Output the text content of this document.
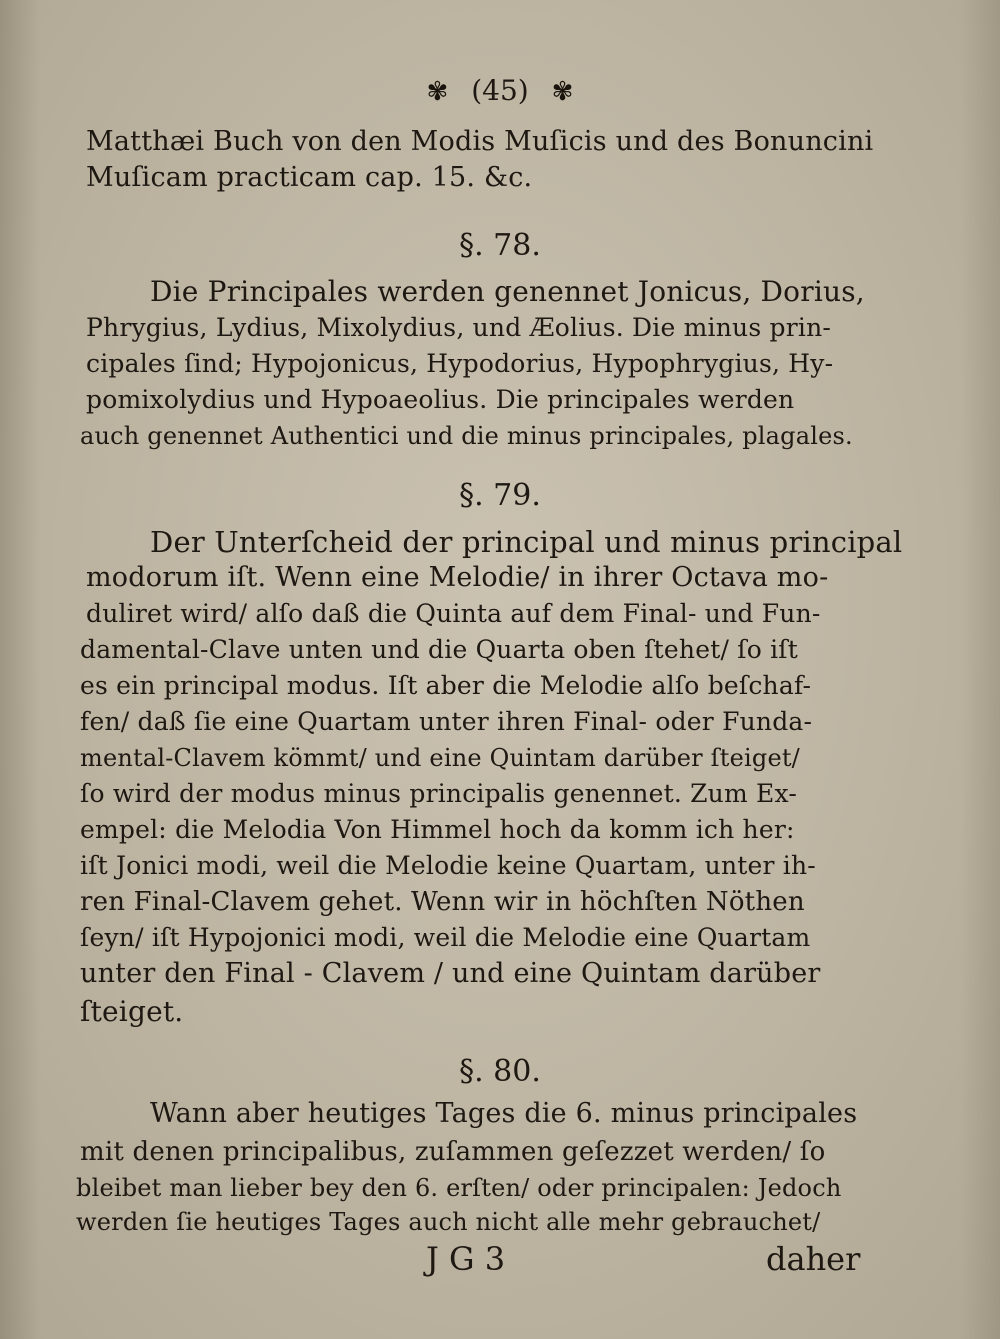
✾ (45) ✾
Matthæi Buch von den Modis Muſicis und des Bonuncini
Muſicam practicam cap. 15. &c.
§. 78.
Die Principales werden genennet Jonicus, Dorius,
Phrygius, Lydius, Mixolydius, und Æolius. Die minus prin-
cipales ſind; Hypojonicus, Hypodorius, Hypophrygius, Hy-
pomixolydius und Hypoaeolius. Die principales werden
auch genennet Authentici und die minus principales, plagales.
§. 79.
Der Unterſcheid der principal und minus principal
modorum iſt. Wenn eine Melodie/ in ihrer Octava mo-
duliret wird/ alſo daß die Quinta auf dem Final- und Fun-
damental-Clave unten und die Quarta oben ſtehet/ ſo iſt
es ein principal modus. Iſt aber die Melodie alſo beſchaf-
fen/ daß ſie eine Quartam unter ihren Final- oder Funda-
mental-Clavem kömmt/ und eine Quintam darüber ſteiget/
ſo wird der modus minus principalis genennet. Zum Ex-
empel: die Melodia Von Himmel hoch da komm ich her:
iſt Jonici modi, weil die Melodie keine Quartam, unter ih-
ren Final-Clavem gehet. Wenn wir in höchſten Nöthen
ſeyn/ iſt Hypojonici modi, weil die Melodie eine Quartam
unter den Final - Clavem / und eine Quintam darüber
ſteiget.
§. 80.
Wann aber heutiges Tages die 6. minus principales
mit denen principalibus, zuſammen geſezzet werden/ ſo
bleibet man lieber bey den 6. erſten/ oder principalen: Jedoch
werden ſie heutiges Tages auch nicht alle mehr gebrauchet/
J G 3	daher
